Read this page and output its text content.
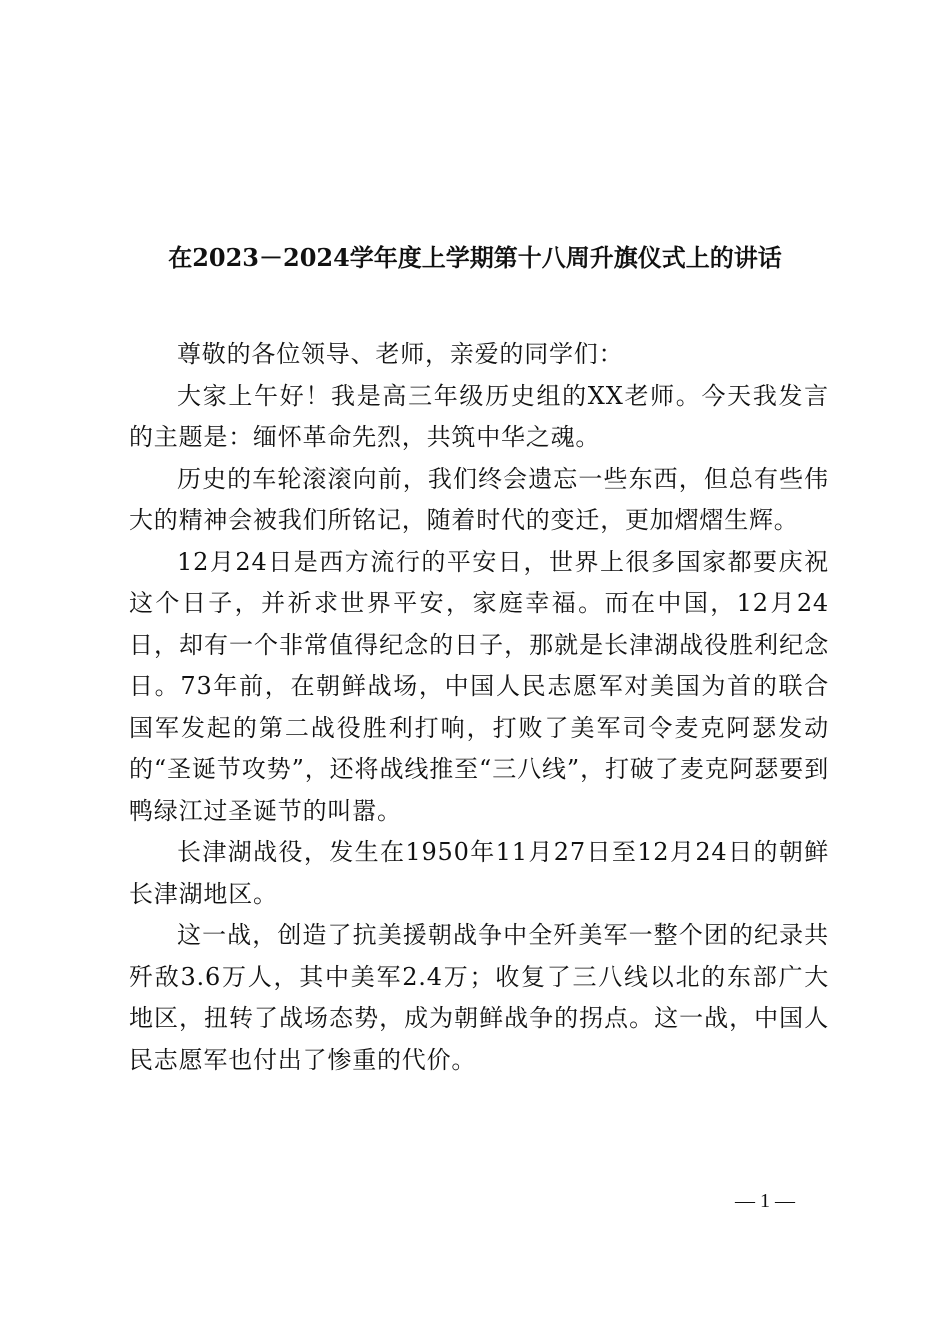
在2023－2024学年度上学期第十八周升旗仪式上的讲话

尊敬的各位领导、老师，亲爱的同学们：

大家上午好！我是高三年级历史组的XX老师。今天我发言的主题是：缅怀革命先烈，共筑中华之魂。

历史的车轮滚滚向前，我们终会遗忘一些东西，但总有些伟大的精神会被我们所铭记，随着时代的变迁，更加熠熠生辉。

12月24日是西方流行的平安日，世界上很多国家都要庆祝这个日子，并祈求世界平安，家庭幸福。而在中国，12月24日，却有一个非常值得纪念的日子，那就是长津湖战役胜利纪念日。73年前，在朝鲜战场，中国人民志愿军对美国为首的联合国军发起的第二战役胜利打响，打败了美军司令麦克阿瑟发动的“圣诞节攻势”，还将战线推至“三八线”，打破了麦克阿瑟要到鸭绿江过圣诞节的叫嚣。

长津湖战役，发生在1950年11月27日至12月24日的朝鲜长津湖地区。

这一战，创造了抗美援朝战争中全歼美军一整个团的纪录共歼敌3.6万人，其中美军2.4万；收复了三八线以北的东部广大地区，扭转了战场态势，成为朝鲜战争的拐点。这一战，中国人民志愿军也付出了惨重的代价。

— 1 —
